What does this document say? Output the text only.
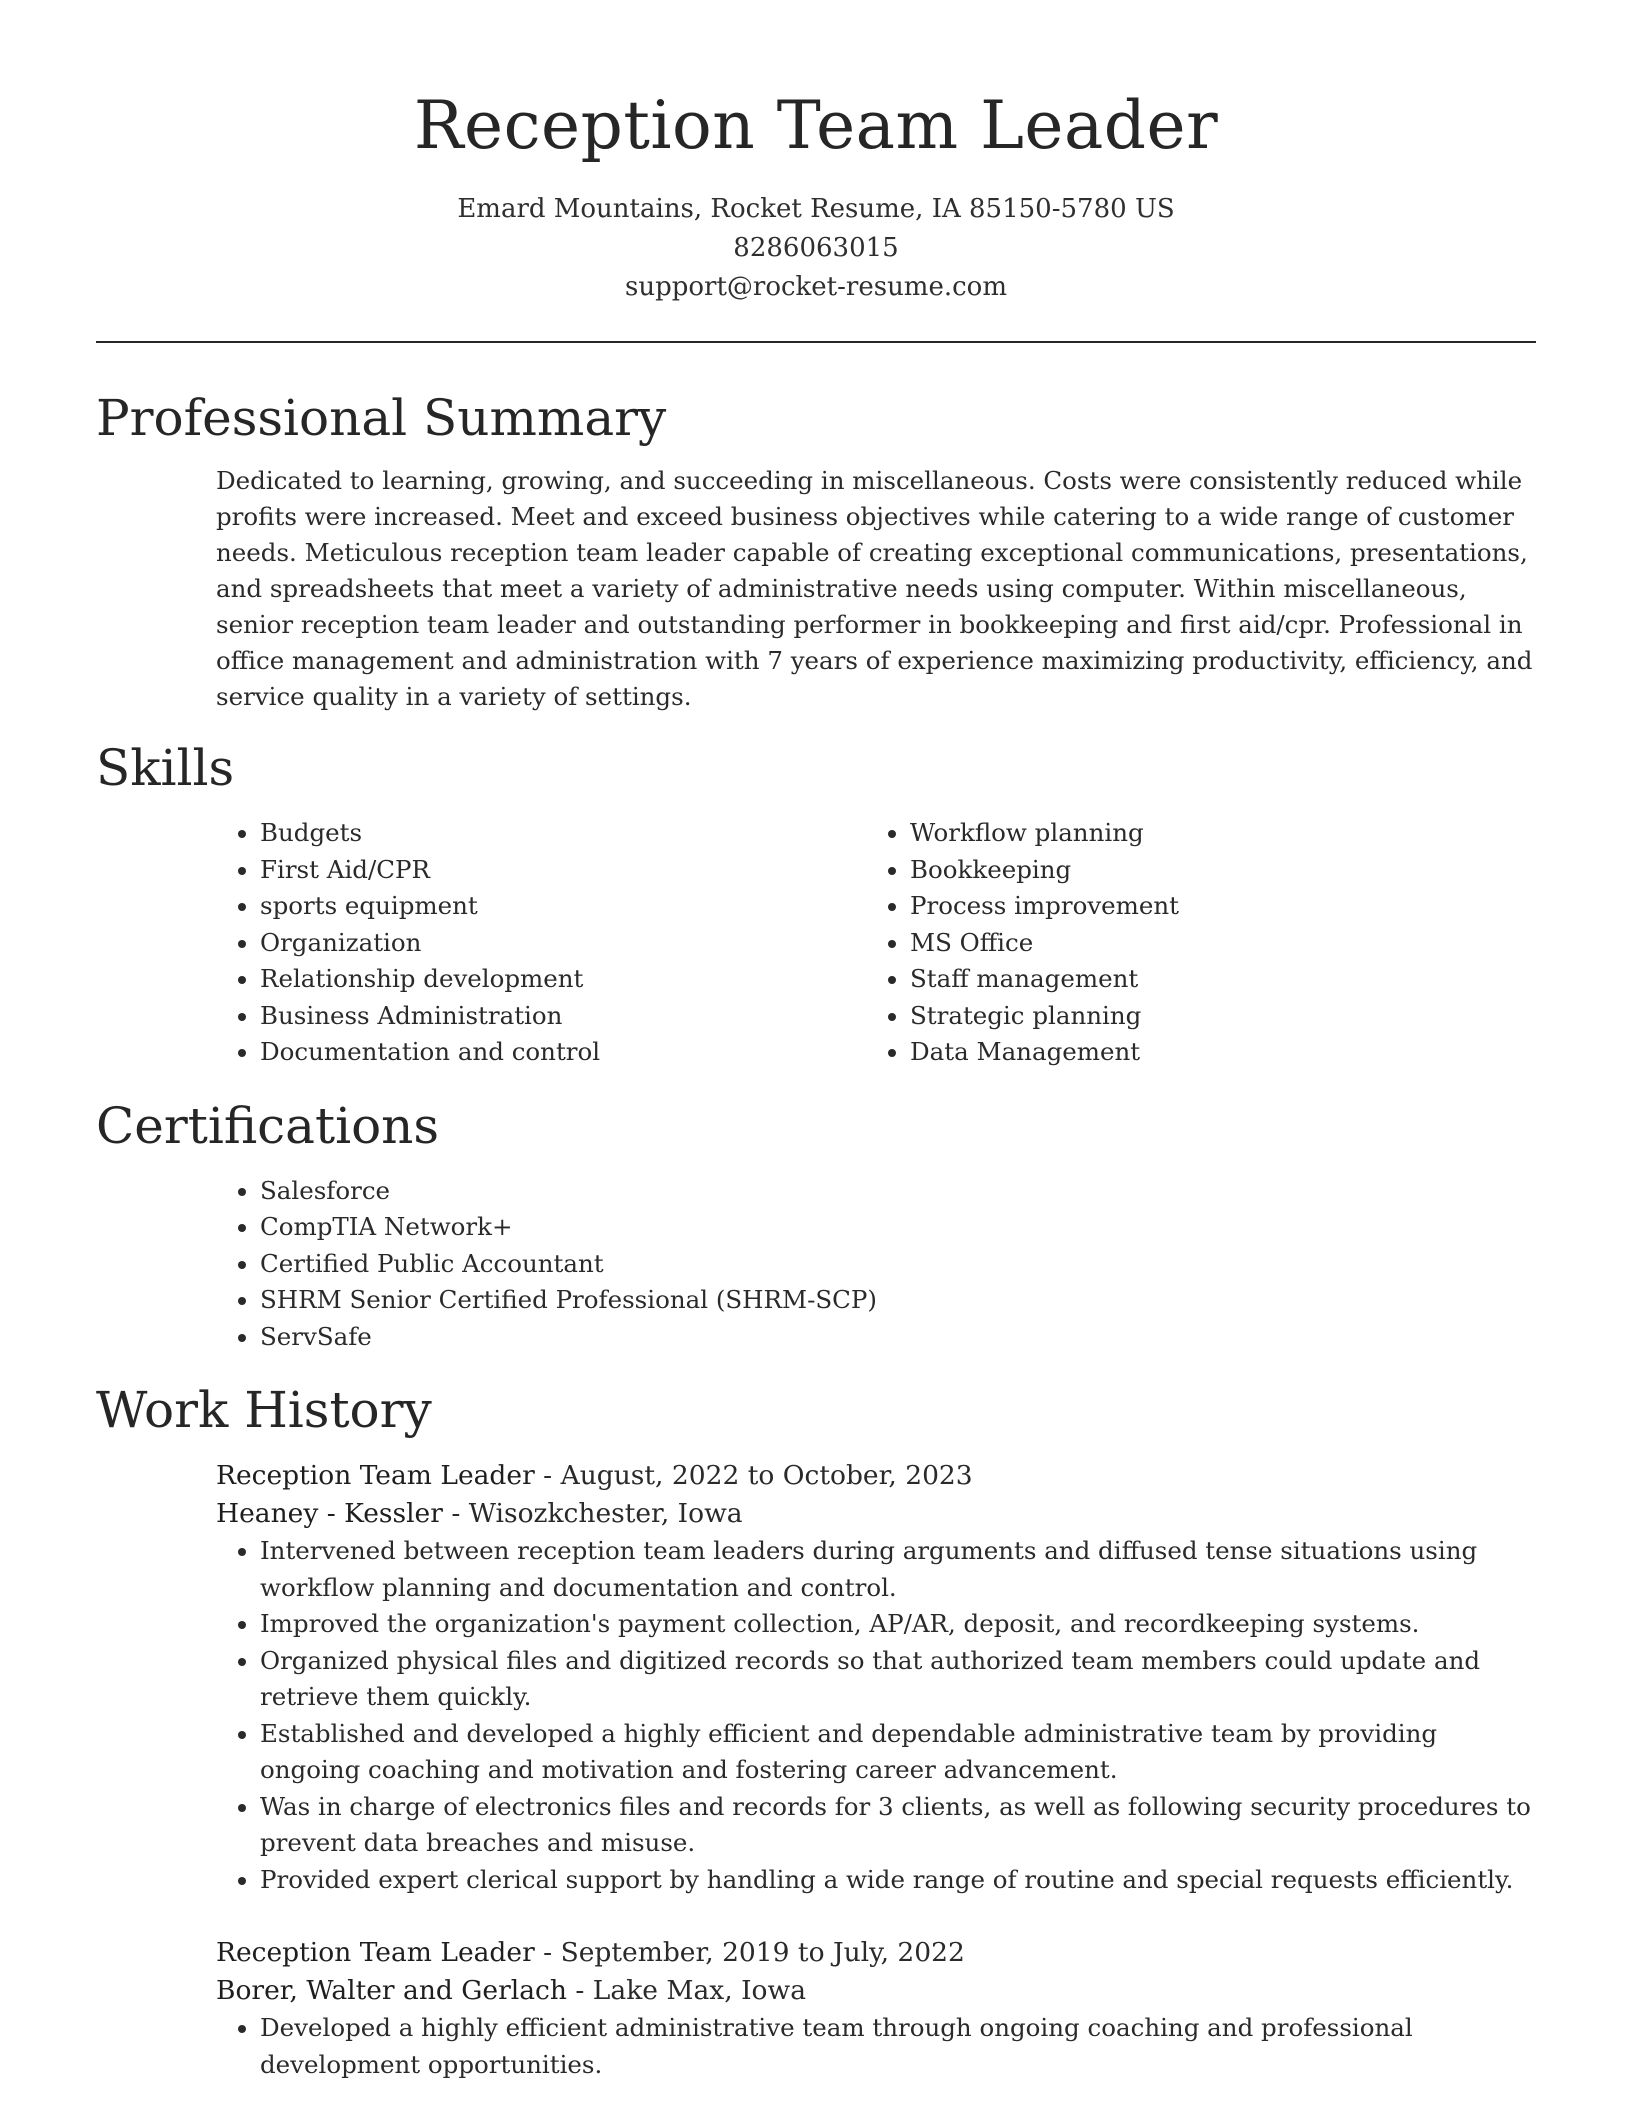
Reception Team Leader
Emard Mountains, Rocket Resume, IA 85150-5780 US
8286063015
support@rocket-resume.com
Professional Summary

Dedicated to learning, growing, and succeeding in miscellaneous. Costs were consistently reduced while profits were increased. Meet and exceed business objectives while catering to a wide range of customer needs. Meticulous reception team leader capable of creating exceptional communications, presentations, and spreadsheets that meet a variety of administrative needs using computer. Within miscellaneous, senior reception team leader and outstanding performer in bookkeeping and first aid/cpr. Professional in office management and administration with 7 years of experience maximizing productivity, efficiency, and service quality in a variety of settings.

Skills
• Budgets
• First Aid/CPR
• sports equipment
• Organization
• Relationship development
• Business Administration
• Documentation and control
• Workflow planning
• Bookkeeping
• Process improvement
• MS Office
• Staff management
• Strategic planning
• Data Management
Certifications
• Salesforce
• CompTIA Network+
• Certified Public Accountant
• SHRM Senior Certified Professional (SHRM-SCP)
• ServSafe
Work History
Reception Team Leader - August, 2022 to October, 2023
Heaney - Kessler - Wisozkchester, Iowa
• Intervened between reception team leaders during arguments and diffused tense situations using workflow planning and documentation and control.
• Improved the organization's payment collection, AP/AR, deposit, and recordkeeping systems.
• Organized physical files and digitized records so that authorized team members could update and retrieve them quickly.
• Established and developed a highly efficient and dependable administrative team by providing ongoing coaching and motivation and fostering career advancement.
• Was in charge of electronics files and records for 3 clients, as well as following security procedures to prevent data breaches and misuse.
• Provided expert clerical support by handling a wide range of routine and special requests efficiently.
Reception Team Leader - September, 2019 to July, 2022
Borer, Walter and Gerlach - Lake Max, Iowa
• Developed a highly efficient administrative team through ongoing coaching and professional development opportunities.
